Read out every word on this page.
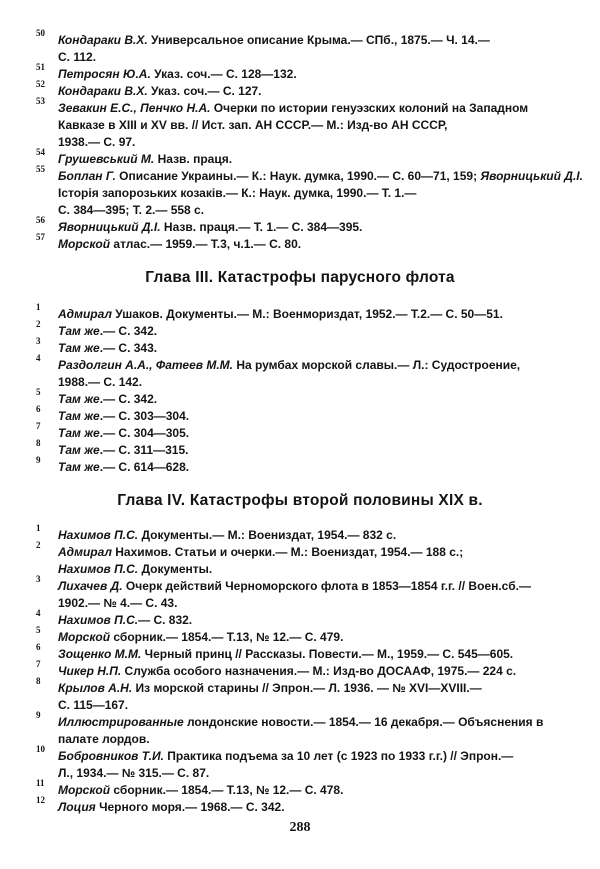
50 Кондараки В.Х. Универсальное описание Крыма.— СПб., 1875.— Ч. 14.—
С. 112.
51 Петросян Ю.А. Указ. соч.— С. 128—132.
52 Кондараки В.Х. Указ. соч.— С. 127.
53 Зевакин Е.С., Пенчко Н.А. Очерки по истории генуэзских колоний на Западном
Кавказе в XIII и XV вв. // Ист. зап. АН СССР.— М.: Изд-во АН СССР,
1938.— С. 97.
54 Грушевськuй М. Назв. праця.
55 Боплан Г. Описание Украины.— К.: Наук. думка, 1990.— С. 60—71, 159; Яворницький Д.І.
Історія запорозьких козаків.— К.: Наук. думка, 1990.— Т. 1.—
С. 384—395; Т. 2.— 558 с.
56 Яворницький Д.І. Назв. праця.— Т. 1.— С. 384—395.
57 Морской атлас.— 1959.— Т.3, ч.1.— С. 80.
Глава III. Катастрофы парусного флота
1 Адмирал Ушаков. Документы.— М.: Военмориздат, 1952.— Т.2.— С. 50—51.
2 Там же.— С. 342.
3 Там же.— С. 343.
4 Раздолгин А.А., Фатеев М.М. На румбах морской славы.— Л.: Судостроение,
1988.— С. 142.
5 Там же.— С. 342.
6 Там же.— С. 303—304.
7 Там же.— С. 304—305.
8 Там же.— С. 311—315.
9 Там же.— С. 614—628.
Глава IV. Катастрофы второй половины XIX в.
1 Нахимов П.С. Документы.— М.: Воениздат, 1954.— 832 с.
2 Адмирал Нахимов. Статьи и очерки.— М.: Воениздат, 1954.— 188 с.;
Нахимов П.С. Документы.
3 Лихачев Д. Очерк действий Черноморского флота в 1853—1854 г.г. // Воен.сб.—
1902.— № 4.— С. 43.
4 Нахимов П.С.— С. 832.
5 Морской сборник.— 1854.— Т.13, № 12.— С. 479.
6 Зощенко М.М. Черный принц // Рассказы. Повести.— М., 1959.— С. 545—605.
7 Чикер Н.П. Служба особого назначения.— М.: Изд-во ДОСААФ, 1975.— 224 с.
8 Крылов А.Н. Из морской старины // Эпрон.— Л. 1936. — № XVI—XVIII.—
С. 115—167.
9 Иллюстрированные лондонские новости.— 1854.— 16 декабря.— Объяснения в
палате лордов.
10 Бобровников Т.И. Практика подъема за 10 лет (с 1923 по 1933 г.г.) // Эпрон.—
Л., 1934.— № 315.— С. 87.
11 Морской сборник.— 1854.— Т.13, № 12.— С. 478.
12 Лоция Черного моря.— 1968.— С. 342.
288
